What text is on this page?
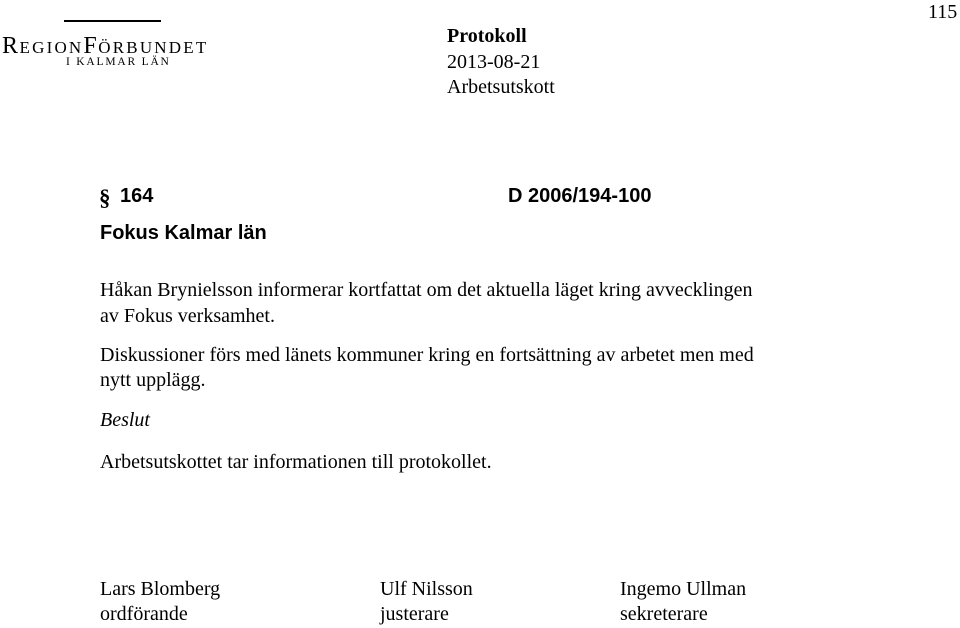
REGIONFÖRBUNDET
I KALMAR LÄN
Protokoll
2013-08-21
Arbetsutskott
115
§ 164	D 2006/194-100
Fokus Kalmar län
Håkan Brynielsson informerar kortfattat om det aktuella läget kring avvecklingen
av Fokus verksamhet.
Diskussioner förs med länets kommuner kring en fortsättning av arbetet men med
nytt upplägg.
Beslut
Arbetsutskottet tar informationen till protokollet.
Lars Blomberg
ordförande
Ulf Nilsson
justerare
Ingemo Ullman
sekreterare
